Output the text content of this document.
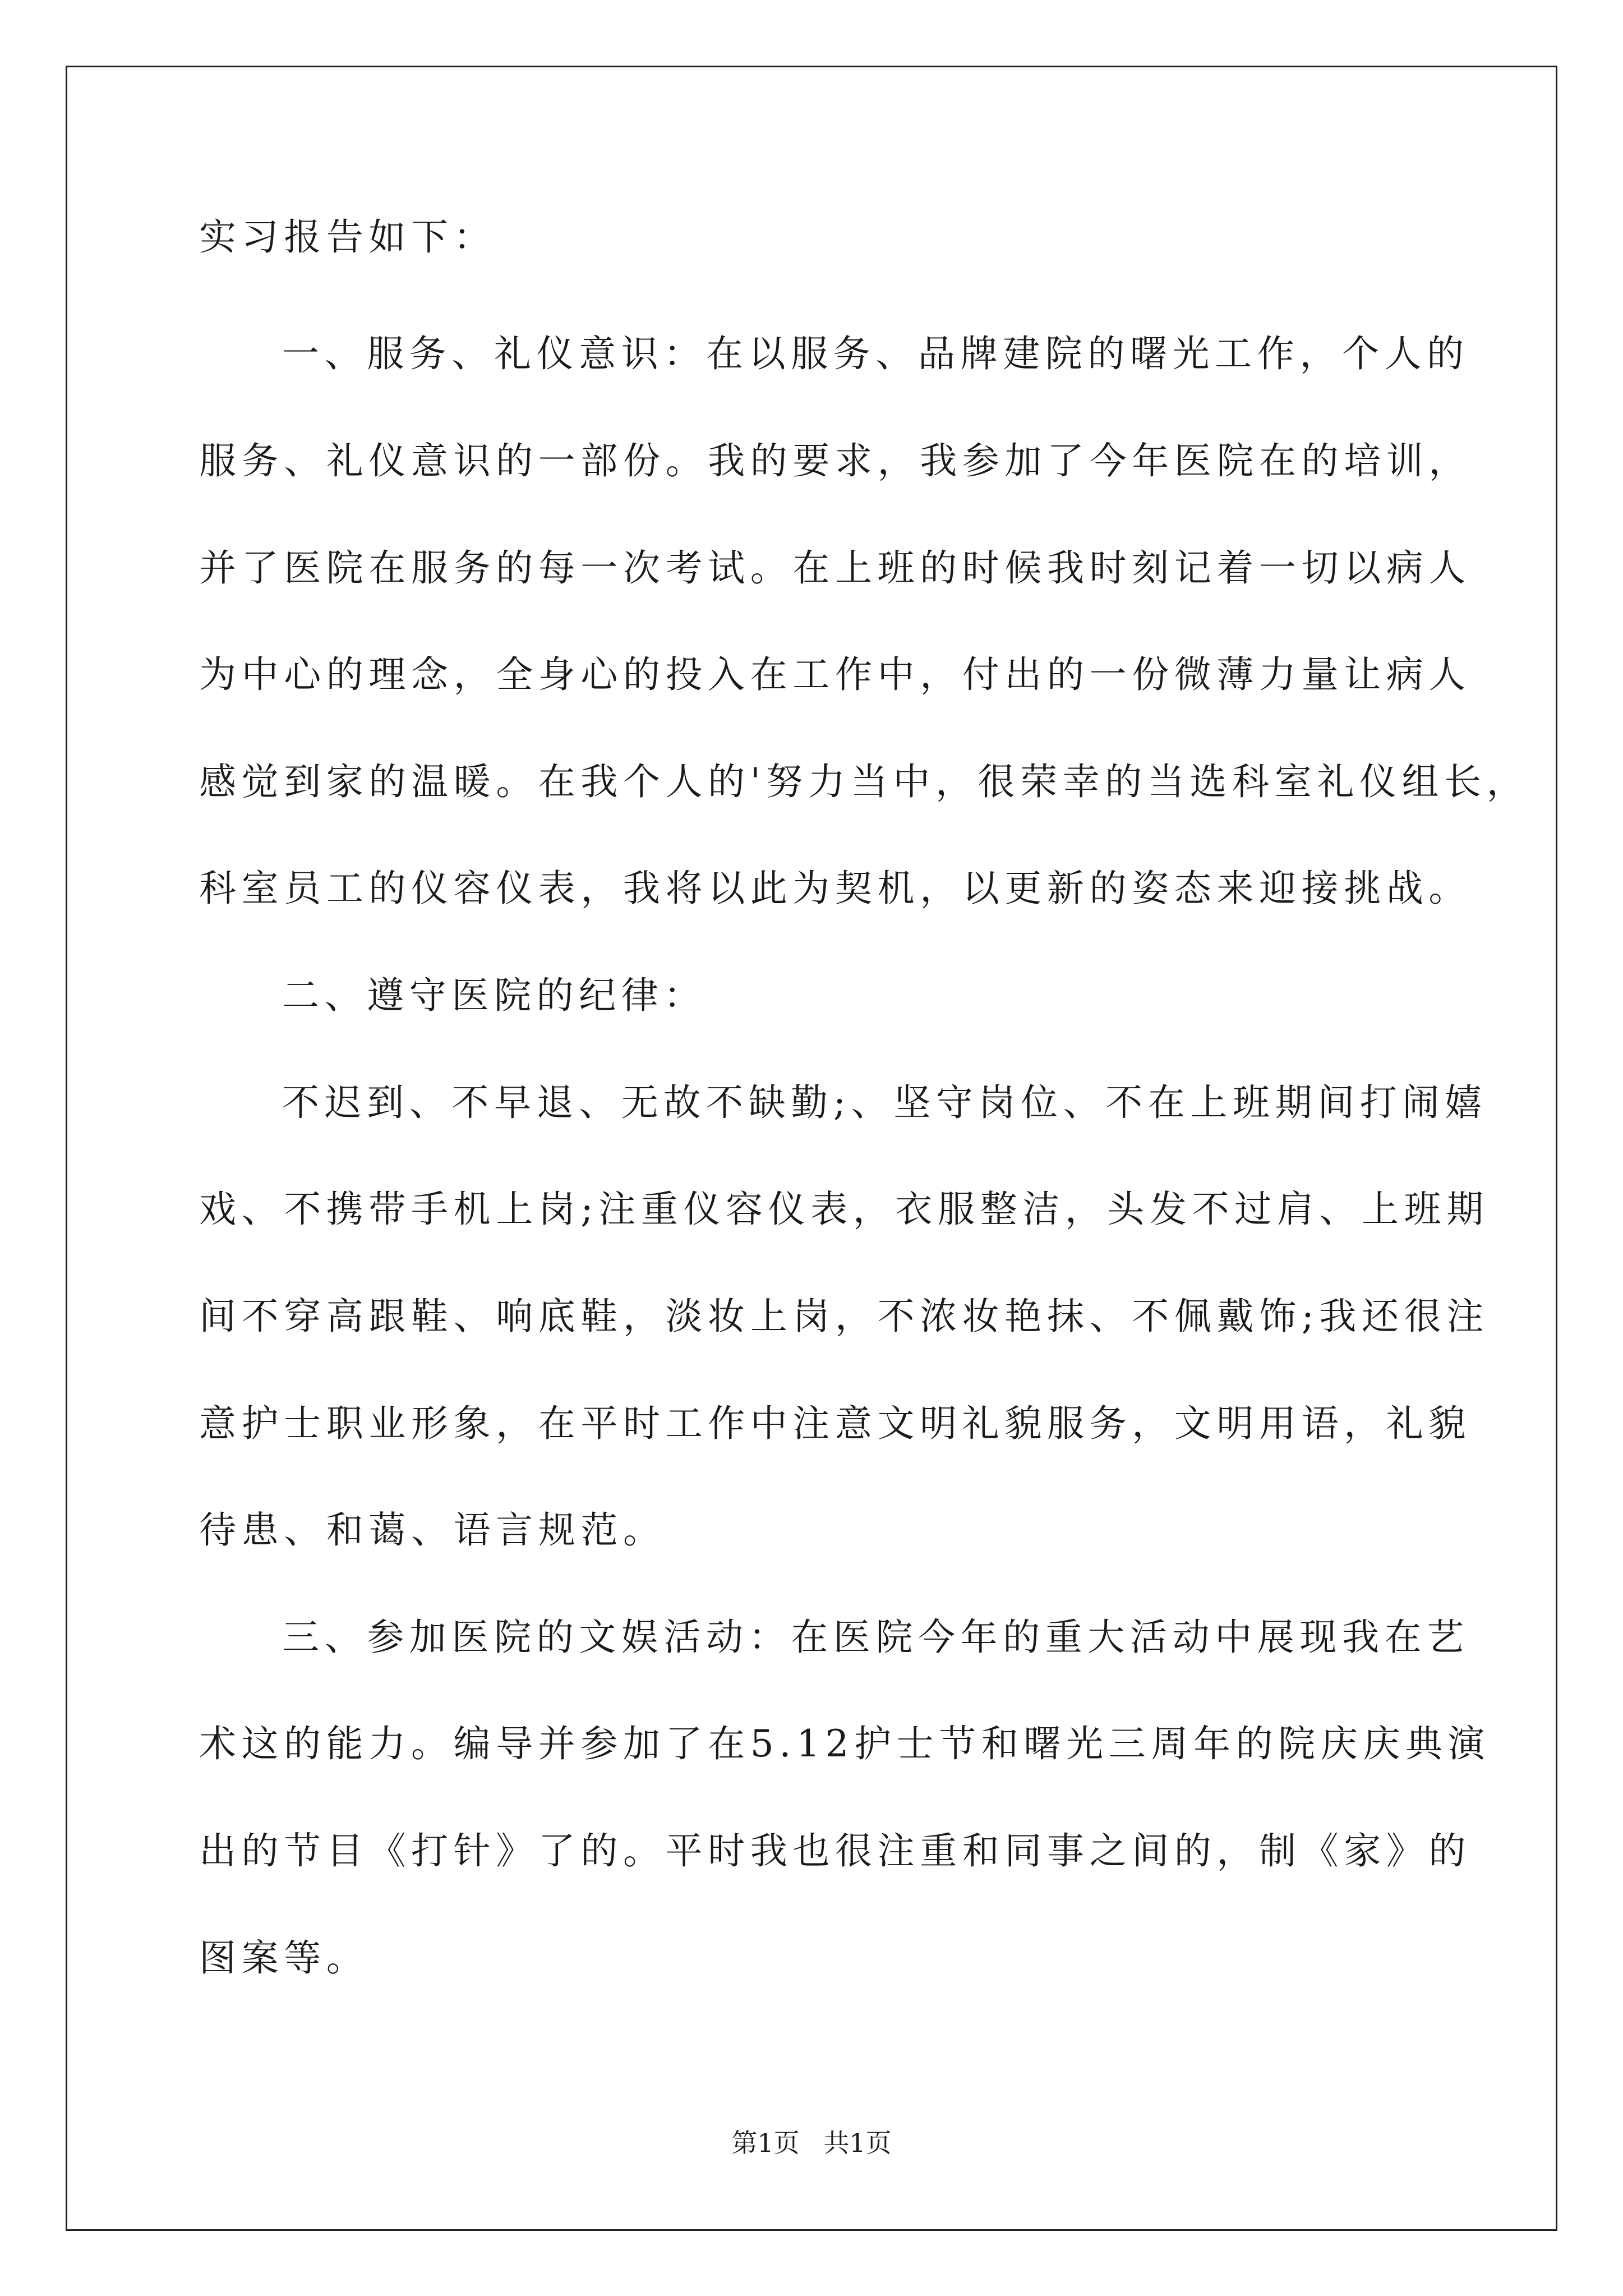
实习报告如下：

一、服务、礼仪意识：在以服务、品牌建院的曙光工作，个人的

服务、礼仪意识的一部份。我的要求，我参加了今年医院在的培训，

并了医院在服务的每一次考试。在上班的时候我时刻记着一切以病人

为中心的理念，全身心的投入在工作中，付出的一份微薄力量让病人

感觉到家的温暖。在我个人的'努力当中，很荣幸的当选科室礼仪组长，

科室员工的仪容仪表，我将以此为契机，以更新的姿态来迎接挑战。

二、遵守医院的纪律：

不迟到、不早退、无故不缺勤;、坚守岗位、不在上班期间打闹嬉

戏、不携带手机上岗;注重仪容仪表，衣服整洁，头发不过肩、上班期

间不穿高跟鞋、响底鞋，淡妆上岗，不浓妆艳抹、不佩戴饰;我还很注

意护士职业形象，在平时工作中注意文明礼貌服务，文明用语，礼貌

待患、和蔼、语言规范。

三、参加医院的文娱活动：在医院今年的重大活动中展现我在艺

术这的能力。编导并参加了在5.12护士节和曙光三周年的院庆庆典演

出的节目《打针》了的。平时我也很注重和同事之间的，制《家》的

图案等。

第1页 共1页
